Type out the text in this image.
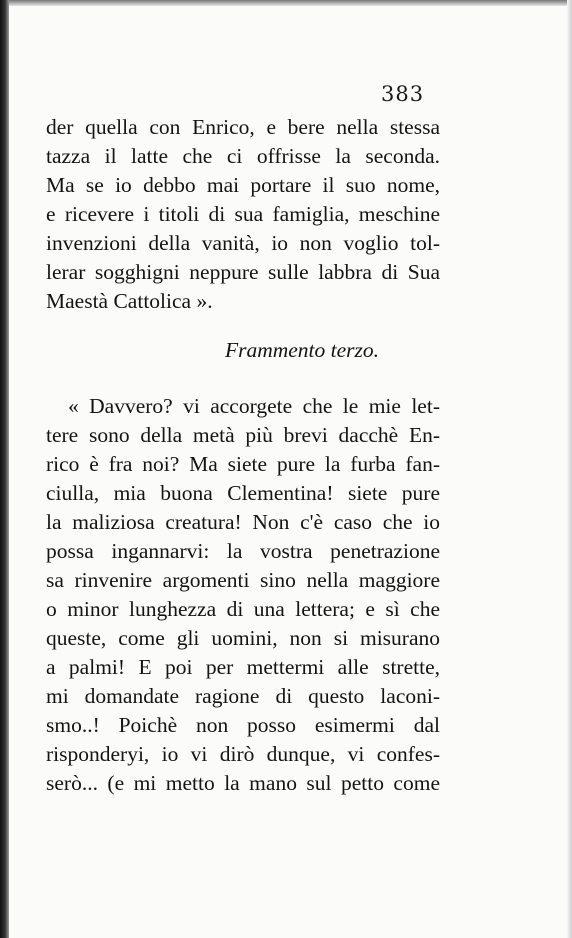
383
der quella con Enrico, e bere nella stessa
tazza il latte che ci offrisse la seconda.
Ma se io debbo mai portare il suo nome,
e ricevere i titoli di sua famiglia, meschine
invenzioni della vanità, io non voglio tol-
lerar sogghigni neppure sulle labbra di Sua
Maestà Cattolica ».
Frammento terzo.
« Davvero? vi accorgete che le mie let-
tere sono della metà più brevi dacchè En-
rico è fra noi? Ma siete pure la furba fan-
ciulla, mia buona Clementina! siete pure
la maliziosa creatura! Non c'è caso che io
possa ingannarvi: la vostra penetrazione
sa rinvenire argomenti sino nella maggiore
o minor lunghezza di una lettera; e sì che
queste, come gli uomini, non si misurano
a palmi! E poi per mettermi alle strette,
mi domandate ragione di questo laconi-
smo..! Poichè non posso esimermi dal
risponderyi, io vi dirò dunque, vi confes-
serò... (e mi metto la mano sul petto come
